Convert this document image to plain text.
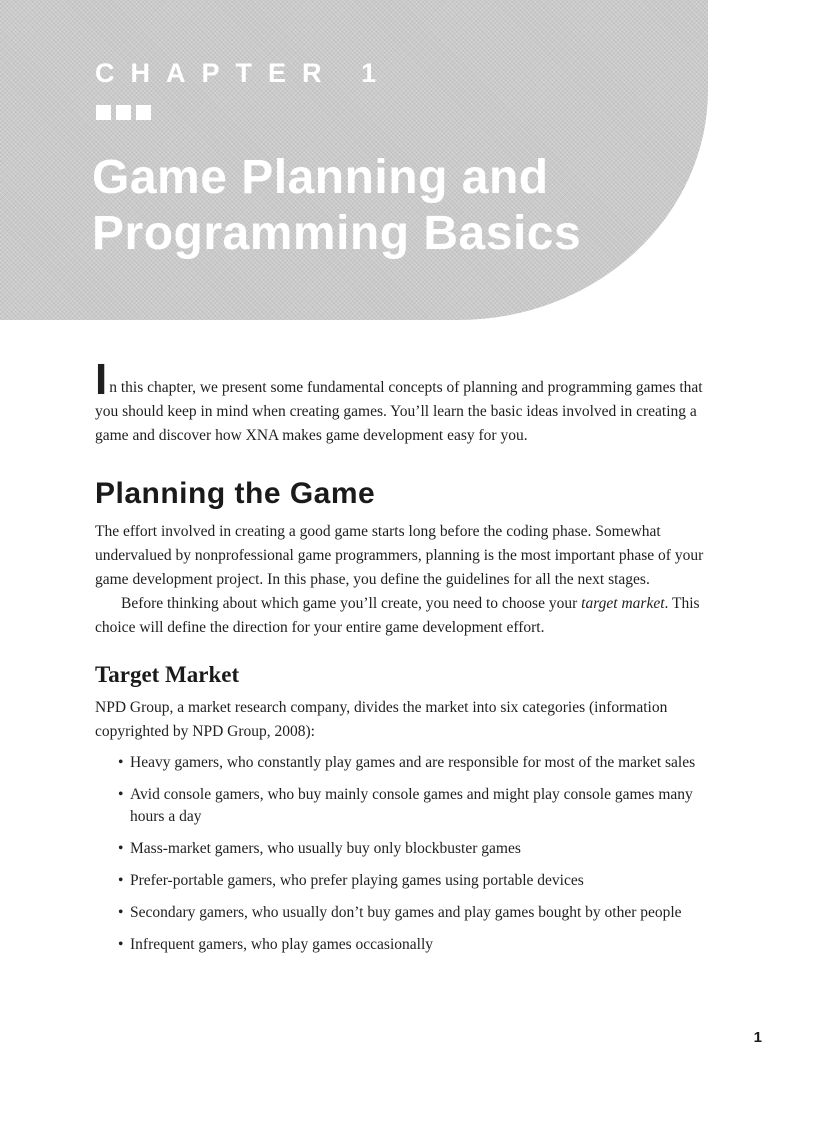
CHAPTER 1
Game Planning and
Programming Basics

In this chapter, we present some fundamental concepts of planning and programming games that you should keep in mind when creating games. You’ll learn the basic ideas involved in creating a game and discover how XNA makes game development easy for you.

Planning the Game

The effort involved in creating a good game starts long before the coding phase. Somewhat undervalued by nonprofessional game programmers, planning is the most important phase of your game development project. In this phase, you define the guidelines for all the next stages.

Before thinking about which game you’ll create, you need to choose your target market. This choice will define the direction for your entire game development effort.

Target Market

NPD Group, a market research company, divides the market into six categories (information copyrighted by NPD Group, 2008):

• Heavy gamers, who constantly play games and are responsible for most of the market sales
• Avid console gamers, who buy mainly console games and might play console games many hours a day
• Mass-market gamers, who usually buy only blockbuster games
• Prefer-portable gamers, who prefer playing games using portable devices
• Secondary gamers, who usually don’t buy games and play games bought by other people
• Infrequent gamers, who play games occasionally

1
